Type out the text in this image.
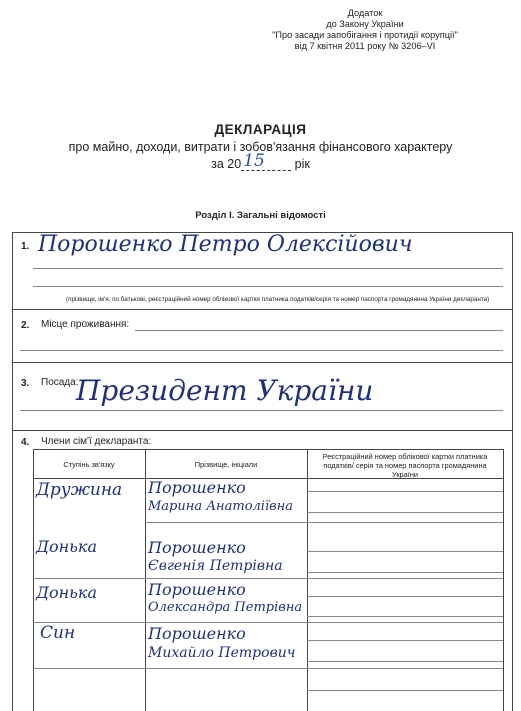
Додаток
до Закону України
"Про засади запобігання і протидії корупції"
від 7 квітня 2011 року № 3206–VI
ДЕКЛАРАЦІЯ
про майно, доходи, витрати і зобов'язання фінансового характеру
за 20 15 рік
Розділ І. Загальні відомості
1. Порошенко Петро Олексійович
(прізвище, ім'я, по батькові, реєстраційний номер облікової картки платника податків/серія та номер паспорта громадянина України декларанта)
2. Місце проживання:
3. Посада:
Президент України
4. Члени сім'ї декларанта:
Ступінь зв'язку	Прізвище, ініціали
Реєстраційний номер облікової картки платника податків/ серія та номер паспорта громадянина України
Дружина Порошенко
Марина Анатоліївна
Донька	Порошенко
Євгенія Петрівна
Донька	Порошенко
Олександра Петрівна
Син	Порошенко
Михайло Петрович
